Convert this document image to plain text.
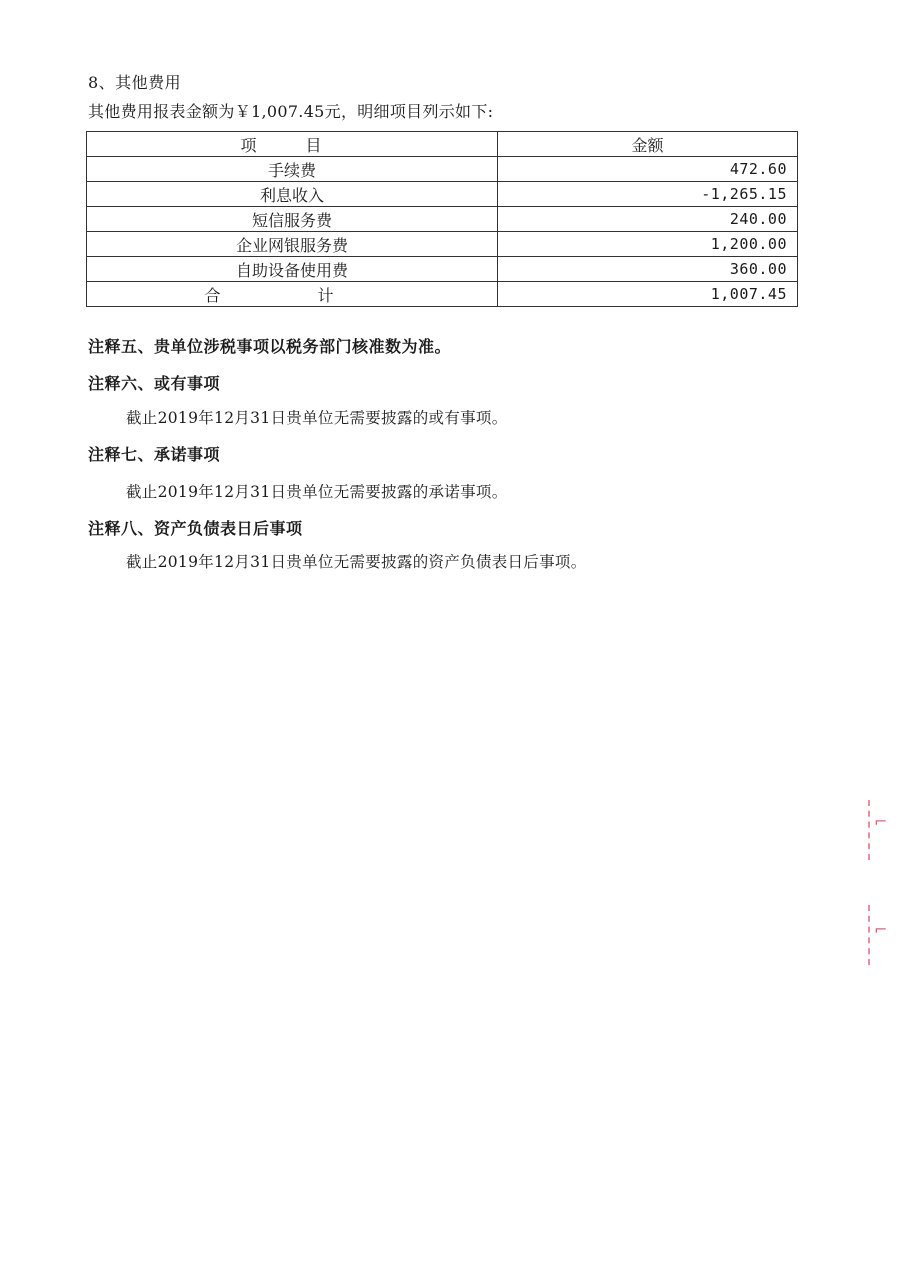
8、其他费用
其他费用报表金额为￥1,007.45元，明细项目列示如下:
项 目	金额
手续费	472.60
利息收入	-1,265.15
短信服务费	240.00
企业网银服务费	1,200.00
自助设备使用费	360.00
合 计	1,007.45
注释五、贵单位涉税事项以税务部门核准数为准。
注释六、或有事项
截止2019年12月31日贵单位无需要披露的或有事项。
注释七、承诺事项
截止2019年12月31日贵单位无需要披露的承诺事项。
注释八、资产负债表日后事项
截止2019年12月31日贵单位无需要披露的资产负债表日后事项。
⌐
⌐
